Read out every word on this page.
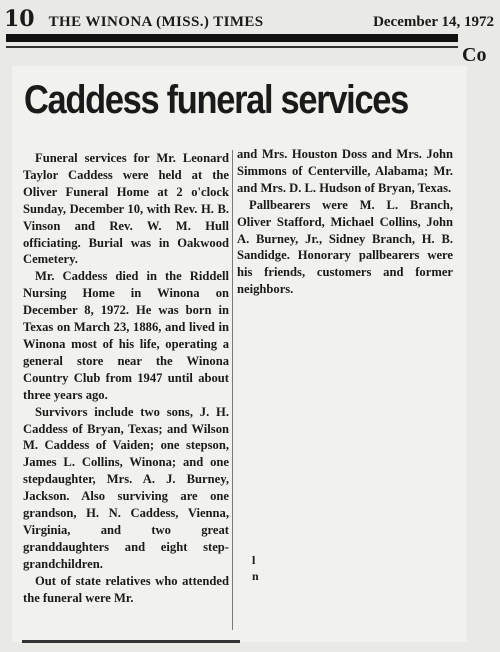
10 THE WINONA (MISS.) TIMES	December 14, 1972
Co
Caddess funeral services

Funeral services for Mr. Leonard Taylor Caddess were held at the Oliver Funeral Home at 2 o'clock Sunday, December 10, with Rev. H. B. Vinson and Rev. W. M. Hull officiating. Burial was in Oakwood Cemetery.

Mr. Caddess died in the Riddell Nursing Home in Winona on December 8, 1972. He was born in Texas on March 23, 1886, and lived in Winona most of his life, operating a general store near the Winona Country Club from 1947 until about three years ago.

Survivors include two sons, J. H. Caddess of Bryan, Texas; and Wilson M. Caddess of Vaiden; one stepson, James L. Collins, Winona; and one stepdaughter, Mrs. A. J. Burney, Jackson. Also surviving are one grandson, H. N. Caddess, Vienna, Virginia, and two great granddaughters and eight step-grandchildren.

Out of state relatives who attended the funeral were Mr.

and Mrs. Houston Doss and Mrs. John Simmons of Centerville, Alabama; Mr. and Mrs. D. L. Hudson of Bryan, Texas.

Pallbearers were M. L. Branch, Oliver Stafford, Michael Collins, John A. Burney, Jr., Sidney Branch, H. B. Sandidge. Honorary pallbearers were his friends, customers and former neighbors.

l
n
